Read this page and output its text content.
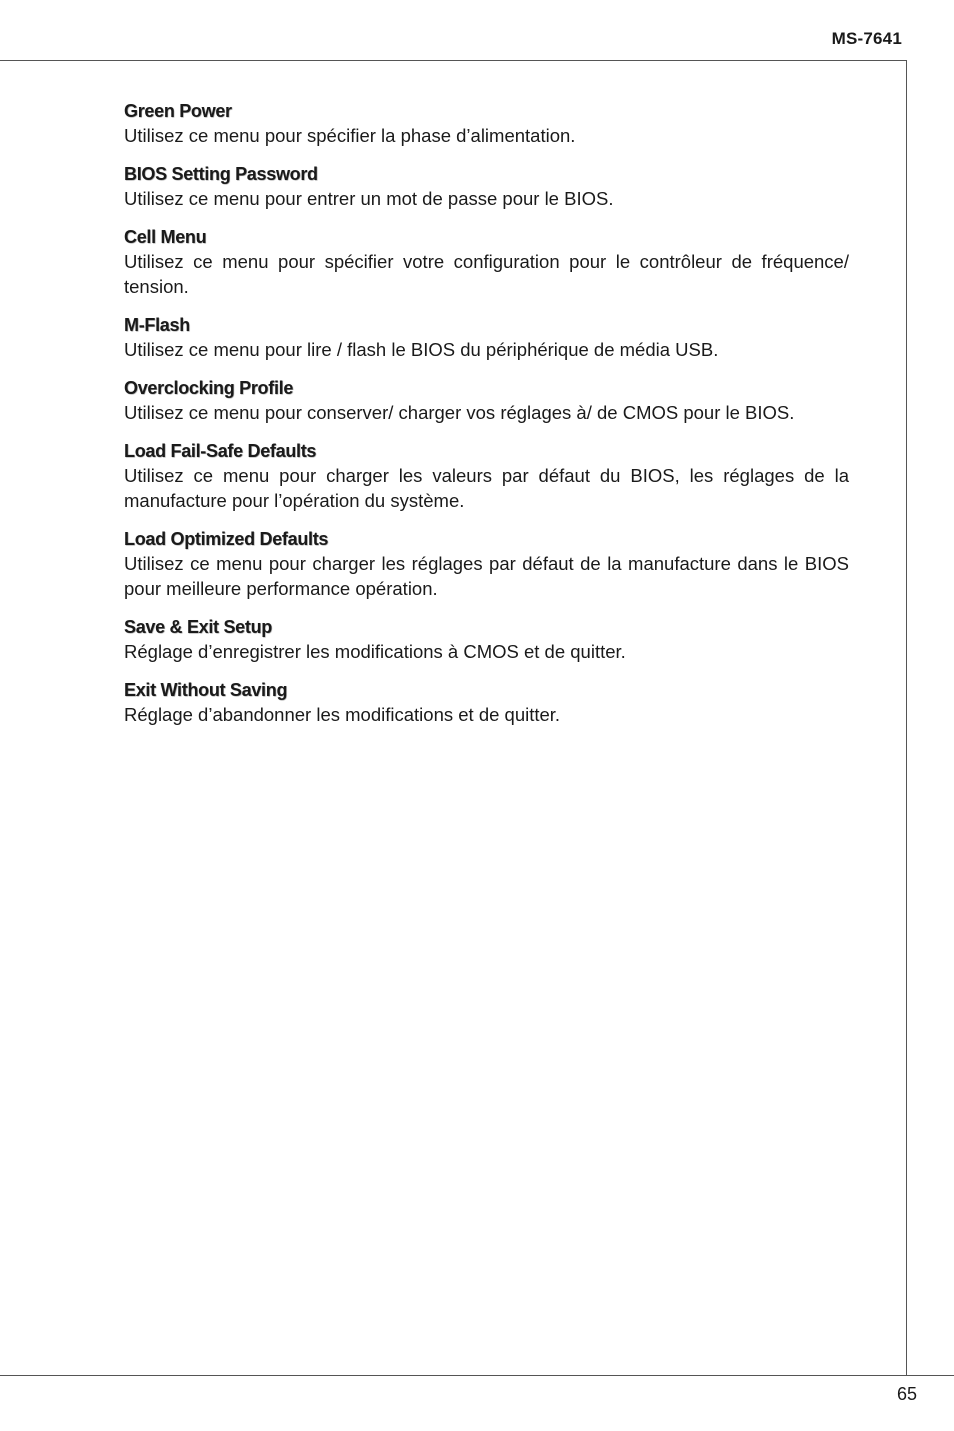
MS-7641
Green Power
Utilisez ce menu pour spécifier la phase d’alimentation.
BIOS Setting Password
Utilisez ce menu pour entrer un mot de passe pour le BIOS.
Cell Menu
Utilisez ce menu pour spécifier votre configuration pour le contrôleur de fréquence/ tension.
M-Flash
Utilisez ce menu pour lire / flash le BIOS du périphérique de média USB.
Overclocking Profile
Utilisez ce menu pour conserver/ charger vos réglages à/ de CMOS pour le BIOS.
Load Fail-Safe Defaults
Utilisez ce menu pour charger les valeurs par défaut du BIOS, les réglages de la manufacture pour l’opération du système.
Load Optimized Defaults
Utilisez ce menu pour charger les réglages par défaut de la manufacture dans le BIOS pour meilleure performance opération.
Save & Exit Setup
Réglage d’enregistrer les modifications à CMOS et de quitter.
Exit Without Saving
Réglage d’abandonner les modifications et de quitter.
65
